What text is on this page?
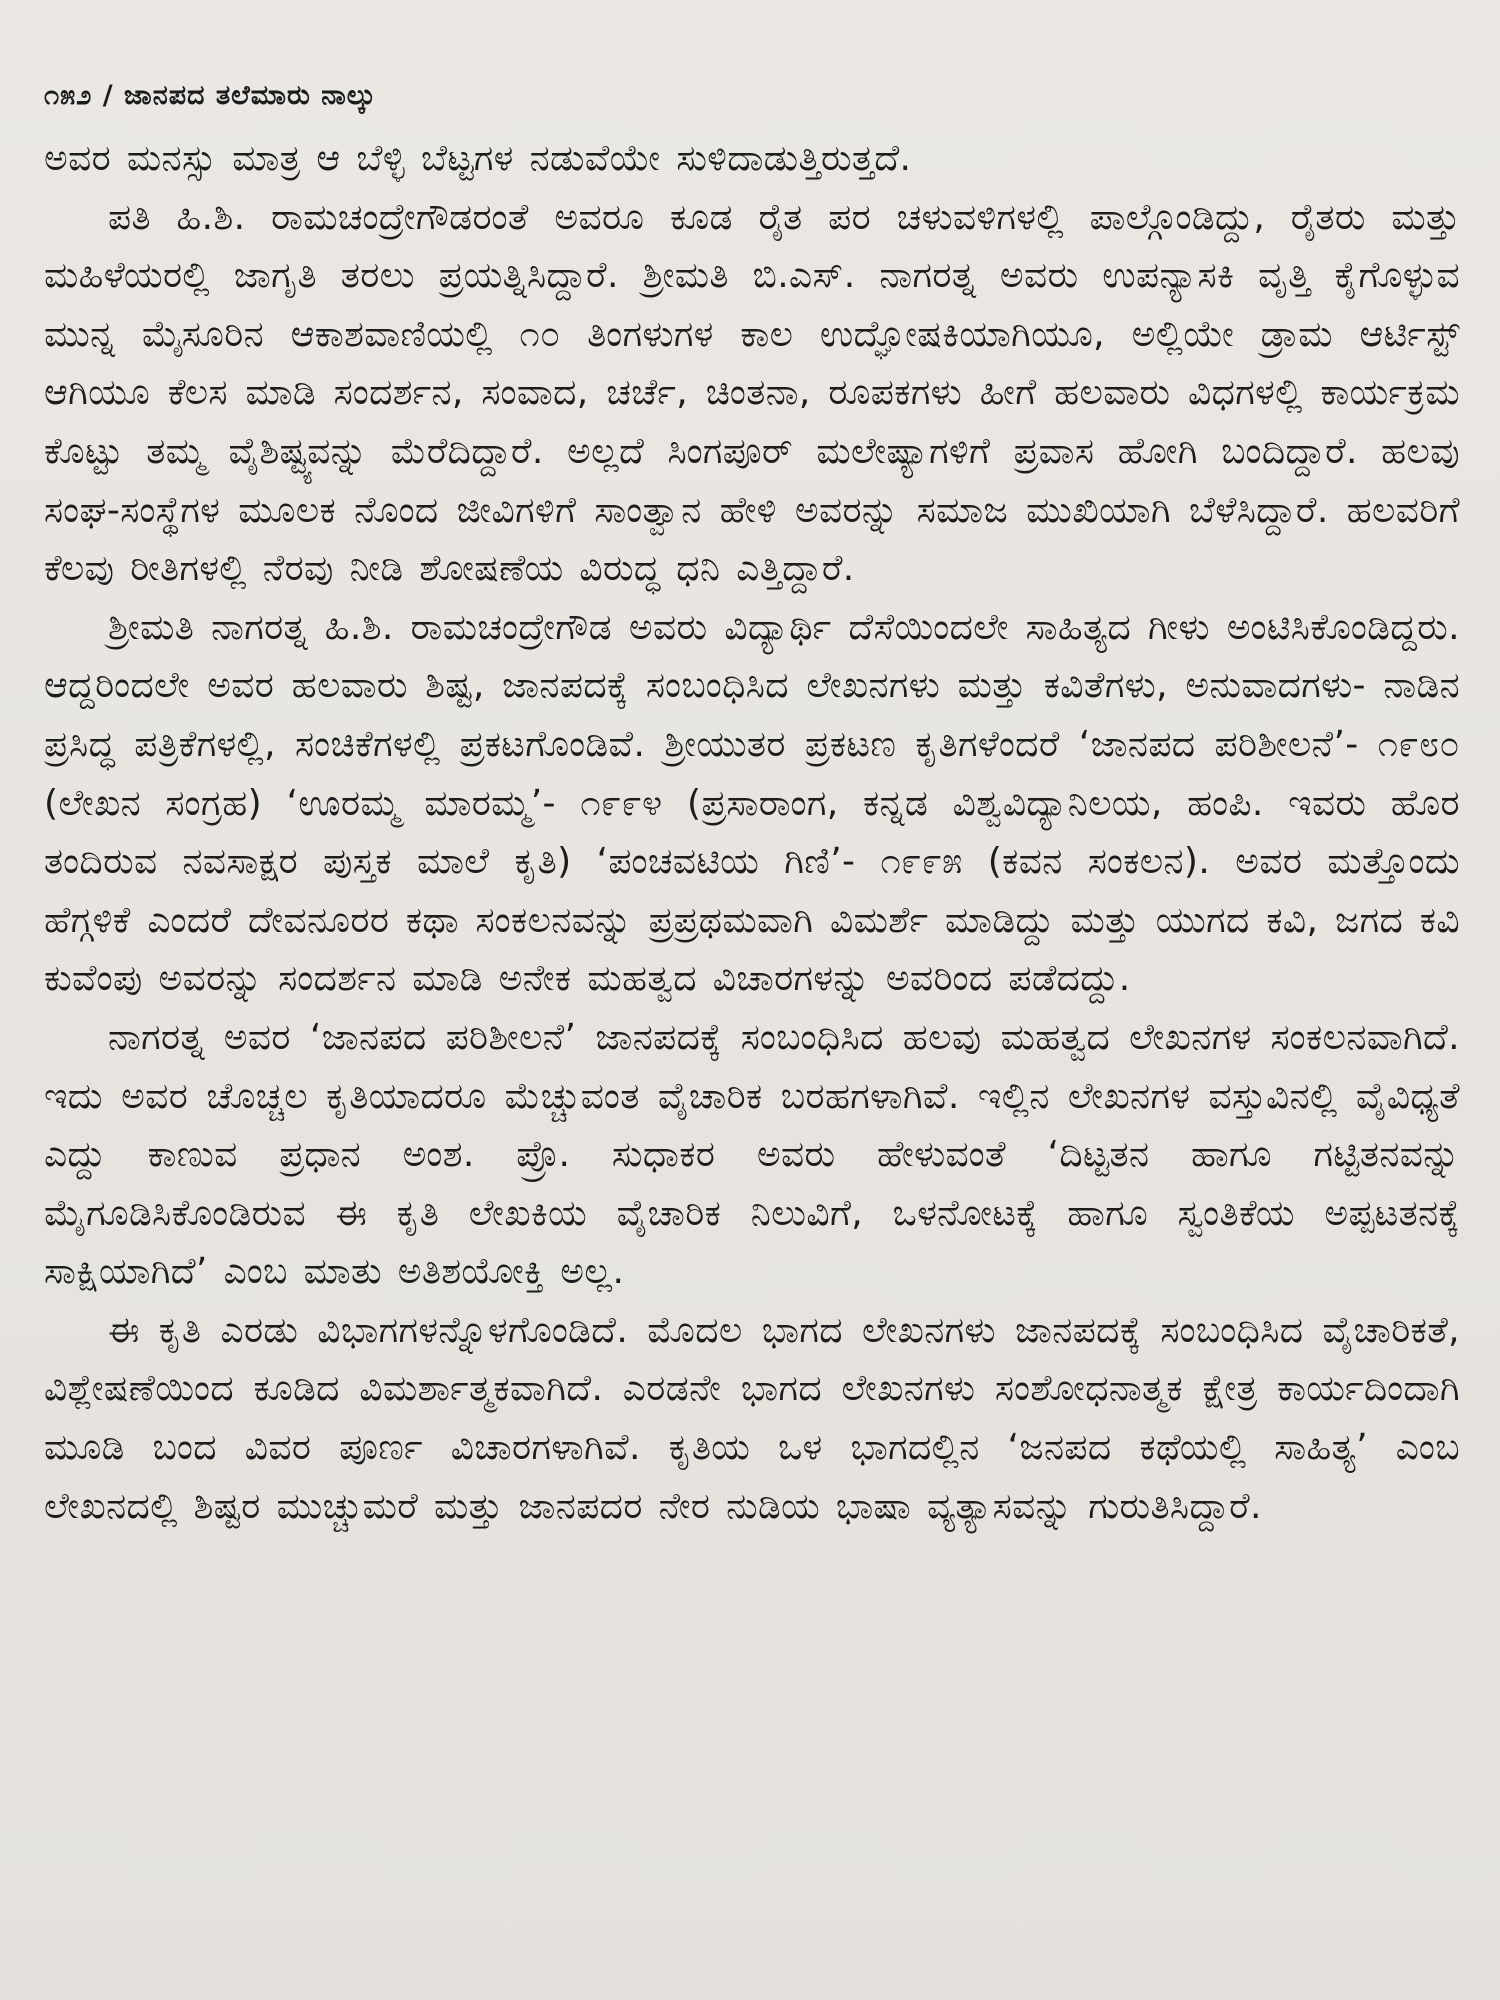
೧೫೨ / ಜಾನಪದ ತಲೆಮಾರು ನಾಲ್ಕು

ಅವರ ಮನಸ್ಸು ಮಾತ್ರ ಆ ಬೆಳ್ಳಿ ಬೆಟ್ಟಗಳ ನಡುವೆಯೇ ಸುಳಿದಾಡುತ್ತಿರುತ್ತದೆ.

ಪತಿ ಹಿ.ಶಿ. ರಾಮಚಂದ್ರೇಗೌಡರಂತೆ ಅವರೂ ಕೂಡ ರೈತ ಪರ ಚಳುವಳಿಗಳಲ್ಲಿ ಪಾಲ್ಗೊಂಡಿದ್ದು, ರೈತರು ಮತ್ತು ಮಹಿಳೆಯರಲ್ಲಿ ಜಾಗೃತಿ ತರಲು ಪ್ರಯತ್ನಿಸಿದ್ದಾರೆ. ಶ್ರೀಮತಿ ಬಿ.ಎಸ್. ನಾಗರತ್ನ ಅವರು ಉಪನ್ಯಾಸಕಿ ವೃತ್ತಿ ಕೈಗೊಳ್ಳುವ ಮುನ್ನ ಮೈಸೂರಿನ ಆಕಾಶವಾಣಿಯಲ್ಲಿ ೧೦ ತಿಂಗಳುಗಳ ಕಾಲ ಉದ್ಘೋಷಕಿಯಾಗಿಯೂ, ಅಲ್ಲಿಯೇ ಡ್ರಾಮ ಆರ್ಟಿಸ್ಟ್ ಆಗಿಯೂ ಕೆಲಸ ಮಾಡಿ ಸಂದರ್ಶನ, ಸಂವಾದ, ಚರ್ಚೆ, ಚಿಂತನಾ, ರೂಪಕಗಳು ಹೀಗೆ ಹಲವಾರು ವಿಧಗಳಲ್ಲಿ ಕಾರ್ಯಕ್ರಮ ಕೊಟ್ಟು ತಮ್ಮ ವೈಶಿಷ್ಟ್ಯವನ್ನು ಮೆರೆದಿದ್ದಾರೆ. ಅಲ್ಲದೆ ಸಿಂಗಪೂರ್ ಮಲೇಷ್ಯಾಗಳಿಗೆ ಪ್ರವಾಸ ಹೋಗಿ ಬಂದಿದ್ದಾರೆ. ಹಲವು ಸಂಘ-ಸಂಸ್ಥೆಗಳ ಮೂಲಕ ನೊಂದ ಜೀವಿಗಳಿಗೆ ಸಾಂತ್ವಾನ ಹೇಳಿ ಅವರನ್ನು ಸಮಾಜ ಮುಖಿಯಾಗಿ ಬೆಳೆಸಿದ್ದಾರೆ. ಹಲವರಿಗೆ ಕೆಲವು ರೀತಿಗಳಲ್ಲಿ ನೆರವು ನೀಡಿ ಶೋಷಣೆಯ ವಿರುದ್ಧ ಧನಿ ಎತ್ತಿದ್ದಾರೆ.

ಶ್ರೀಮತಿ ನಾಗರತ್ನ ಹಿ.ಶಿ. ರಾಮಚಂದ್ರೇಗೌಡ ಅವರು ವಿದ್ಯಾರ್ಥಿ ದೆಸೆಯಿಂದಲೇ ಸಾಹಿತ್ಯದ ಗೀಳು ಅಂಟಿಸಿಕೊಂಡಿದ್ದರು. ಆದ್ದರಿಂದಲೇ ಅವರ ಹಲವಾರು ಶಿಷ್ಟ, ಜಾನಪದಕ್ಕೆ ಸಂಬಂಧಿಸಿದ ಲೇಖನಗಳು ಮತ್ತು ಕವಿತೆಗಳು, ಅನುವಾದಗಳು- ನಾಡಿನ ಪ್ರಸಿದ್ಧ ಪತ್ರಿಕೆಗಳಲ್ಲಿ, ಸಂಚಿಕೆಗಳಲ್ಲಿ ಪ್ರಕಟಗೊಂಡಿವೆ. ಶ್ರೀಯುತರ ಪ್ರಕಟಣ ಕೃತಿಗಳೆಂದರೆ ‘ಜಾನಪದ ಪರಿಶೀಲನೆ’- ೧೯೮೦ (ಲೇಖನ ಸಂಗ್ರಹ) ‘ಊರಮ್ಮ ಮಾರಮ್ಮ’- ೧೯೯೪ (ಪ್ರಸಾರಾಂಗ, ಕನ್ನಡ ವಿಶ್ವವಿದ್ಯಾನಿಲಯ, ಹಂಪಿ. ಇವರು ಹೊರ ತಂದಿರುವ ನವಸಾಕ್ಷರ ಪುಸ್ತಕ ಮಾಲೆ ಕೃತಿ) ‘ಪಂಚವಟಿಯ ಗಿಣಿ’- ೧೯೯೫ (ಕವನ ಸಂಕಲನ). ಅವರ ಮತ್ತೊಂದು ಹೆಗ್ಗಳಿಕೆ ಎಂದರೆ ದೇವನೂರರ ಕಥಾ ಸಂಕಲನವನ್ನು ಪ್ರಪ್ರಥಮವಾಗಿ ವಿಮರ್ಶೆ ಮಾಡಿದ್ದು ಮತ್ತು ಯುಗದ ಕವಿ, ಜಗದ ಕವಿ ಕುವೆಂಪು ಅವರನ್ನು ಸಂದರ್ಶನ ಮಾಡಿ ಅನೇಕ ಮಹತ್ವದ ವಿಚಾರಗಳನ್ನು ಅವರಿಂದ ಪಡೆದದ್ದು.

ನಾಗರತ್ನ ಅವರ ‘ಜಾನಪದ ಪರಿಶೀಲನೆ’ ಜಾನಪದಕ್ಕೆ ಸಂಬಂಧಿಸಿದ ಹಲವು ಮಹತ್ವದ ಲೇಖನಗಳ ಸಂಕಲನವಾಗಿದೆ. ಇದು ಅವರ ಚೊಚ್ಚಲ ಕೃತಿಯಾದರೂ ಮೆಚ್ಚುವಂತ ವೈಚಾರಿಕ ಬರಹಗಳಾಗಿವೆ. ಇಲ್ಲಿನ ಲೇಖನಗಳ ವಸ್ತುವಿನಲ್ಲಿ ವೈವಿಧ್ಯತೆ ಎದ್ದು ಕಾಣುವ ಪ್ರಧಾನ ಅಂಶ. ಪ್ರೊ. ಸುಧಾಕರ ಅವರು ಹೇಳುವಂತೆ ‘ದಿಟ್ಟತನ ಹಾಗೂ ಗಟ್ಟಿತನವನ್ನು ಮೈಗೂಡಿಸಿಕೊಂಡಿರುವ ಈ ಕೃತಿ ಲೇಖಕಿಯ ವೈಚಾರಿಕ ನಿಲುವಿಗೆ, ಒಳನೋಟಕ್ಕೆ ಹಾಗೂ ಸ್ವಂತಿಕೆಯ ಅಪ್ಪಟತನಕ್ಕೆ ಸಾಕ್ಷಿಯಾಗಿದೆ’ ಎಂಬ ಮಾತು ಅತಿಶಯೋಕ್ತಿ ಅಲ್ಲ.

ಈ ಕೃತಿ ಎರಡು ವಿಭಾಗಗಳನ್ನೊಳಗೊಂಡಿದೆ. ಮೊದಲ ಭಾಗದ ಲೇಖನಗಳು ಜಾನಪದಕ್ಕೆ ಸಂಬಂಧಿಸಿದ ವೈಚಾರಿಕತೆ, ವಿಶ್ಲೇಷಣೆಯಿಂದ ಕೂಡಿದ ವಿಮರ್ಶಾತ್ಮಕವಾಗಿದೆ. ಎರಡನೇ ಭಾಗದ ಲೇಖನಗಳು ಸಂಶೋಧನಾತ್ಮಕ ಕ್ಷೇತ್ರ ಕಾರ್ಯದಿಂದಾಗಿ ಮೂಡಿ ಬಂದ ವಿವರ ಪೂರ್ಣ ವಿಚಾರಗಳಾಗಿವೆ. ಕೃತಿಯ ಒಳ ಭಾಗದಲ್ಲಿನ ‘ಜನಪದ ಕಥೆಯಲ್ಲಿ ಸಾಹಿತ್ಯ’ ಎಂಬ ಲೇಖನದಲ್ಲಿ ಶಿಷ್ಟರ ಮುಚ್ಚುಮರೆ ಮತ್ತು ಜಾನಪದರ ನೇರ ನುಡಿಯ ಭಾಷಾ ವ್ಯತ್ಯಾಸವನ್ನು ಗುರುತಿಸಿದ್ದಾರೆ.
